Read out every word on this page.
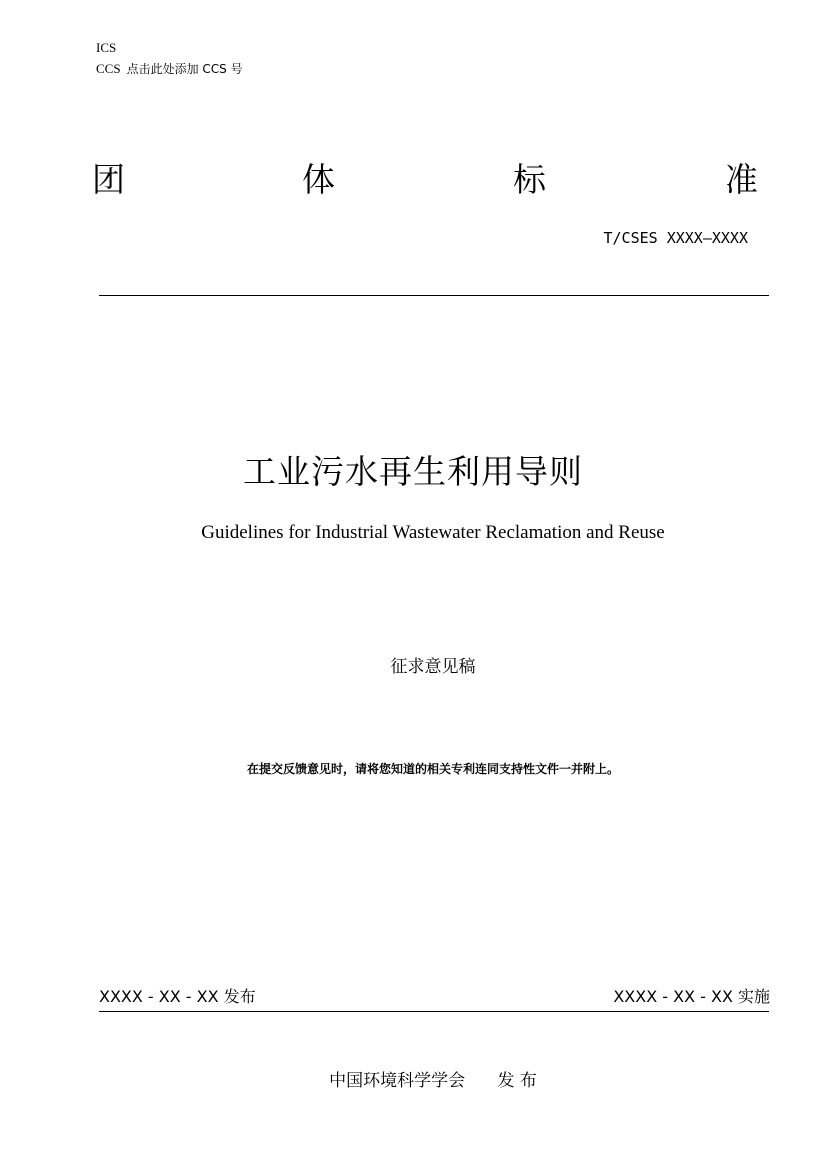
ICS
CCS 点击此处添加 CCS 号
团	体	标	准
T/CSES XXXX—XXXX
工业污水再生利用导则
Guidelines for Industrial Wastewater Reclamation and Reuse
征求意见稿
在提交反馈意见时，请将您知道的相关专利连同支持性文件一并附上。
XXXX - XX - XX 发布	XXXX - XX - XX 实施
中国环境科学学会 发 布
